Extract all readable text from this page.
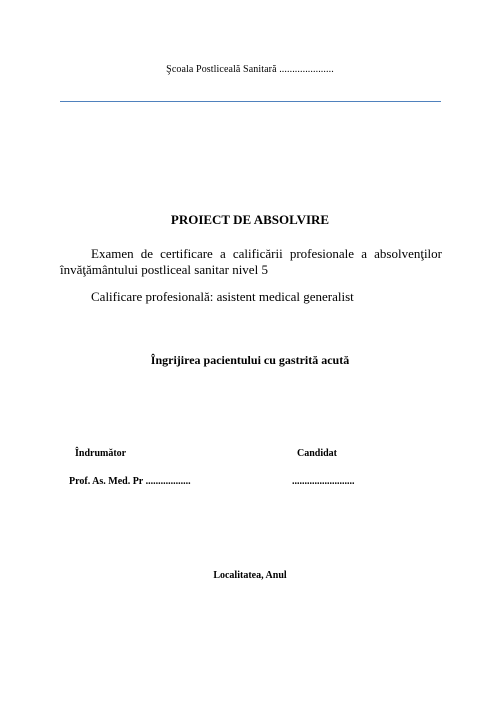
Şcoala Postliceală Sanitară .....................
PROIECT DE ABSOLVIRE
Examen de certificare a calificării profesionale a absolvenţilor învăţământului postliceal sanitar nivel 5
Calificare profesională: asistent medical generalist
Îngrijirea pacientului cu gastrită acută
Îndrumător	Candidat
Prof. As. Med. Pr ..................	.........................
Localitatea, Anul
